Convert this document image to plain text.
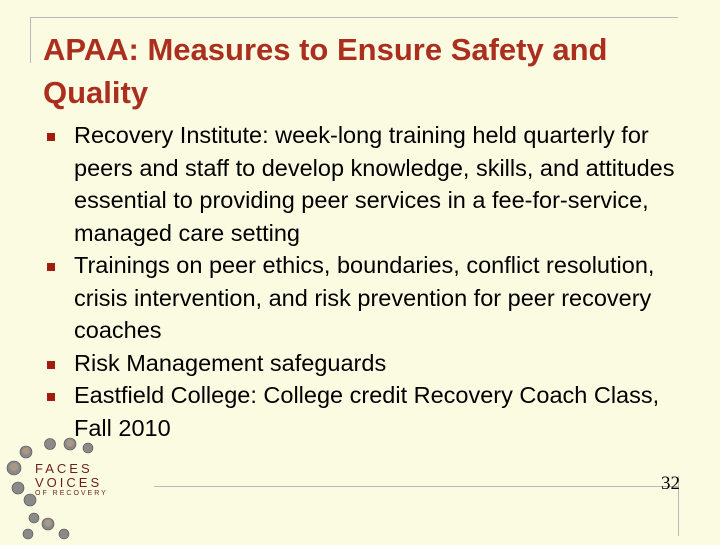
APAA: Measures to Ensure Safety and Quality
Recovery Institute: week-long training held quarterly for peers and staff to develop knowledge, skills, and attitudes essential to providing peer services in a fee-for-service, managed care setting
Trainings on peer ethics, boundaries, conflict resolution, crisis intervention, and risk prevention for peer recovery coaches
Risk Management safeguards
Eastfield College: College credit Recovery Coach Class, Fall 2010
FACES
VOICES
OF RECOVERY	32
